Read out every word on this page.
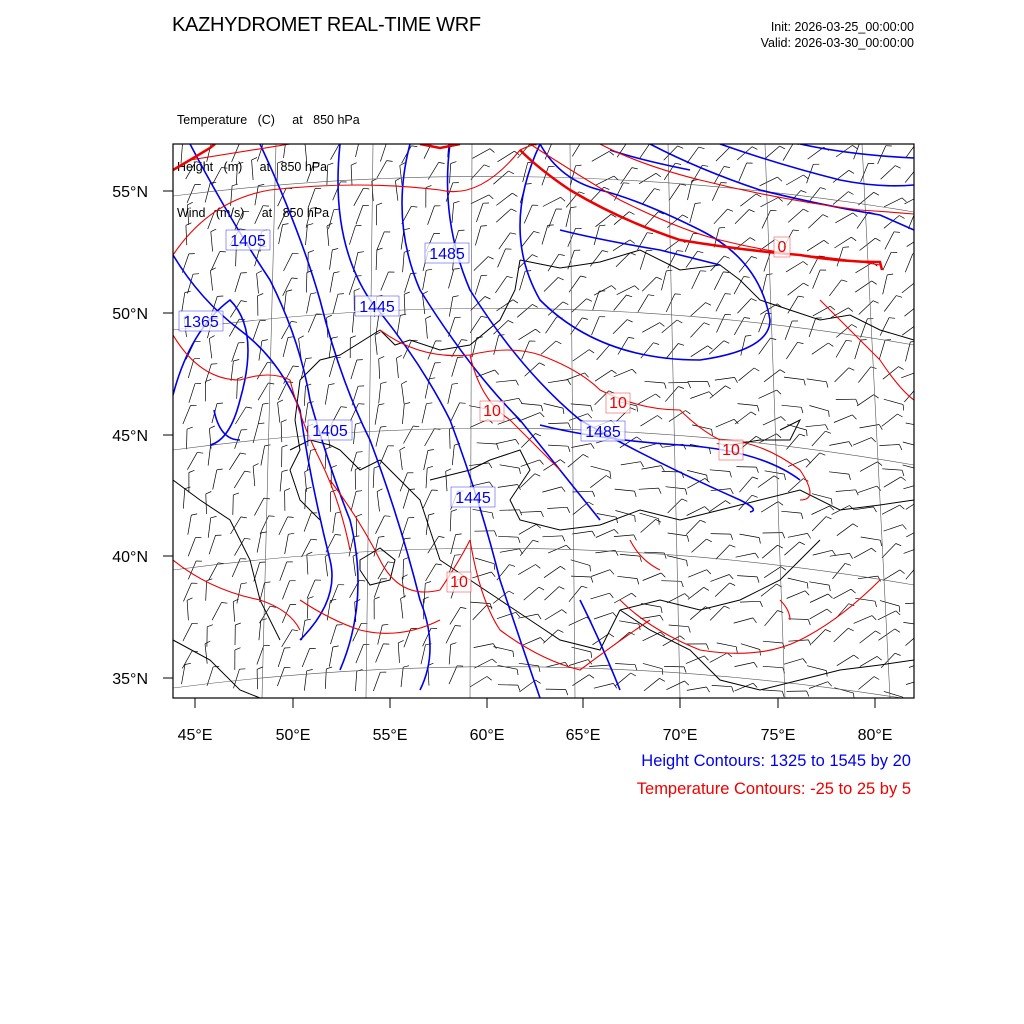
KAZHYDROMET REAL-TIME WRF	Init: 2026-03-25_00:00:00
Valid: 2026-03-30_00:00:00

Temperature   (C)     at   850 hPa

Height   (m)     at   850 hPa

Wind   (m/s)     at   850 hPa

55°N
50°N
45°N
40°N
35°N
45°E	50°E	55°E	60°E	65°E	70°E	75°E	80°E
1405
1365
1485
1445
1405	1485
1445
0
10	10
10
10
Height Contours: 1325 to 1545 by 20
Temperature Contours: -25 to 25 by 5
